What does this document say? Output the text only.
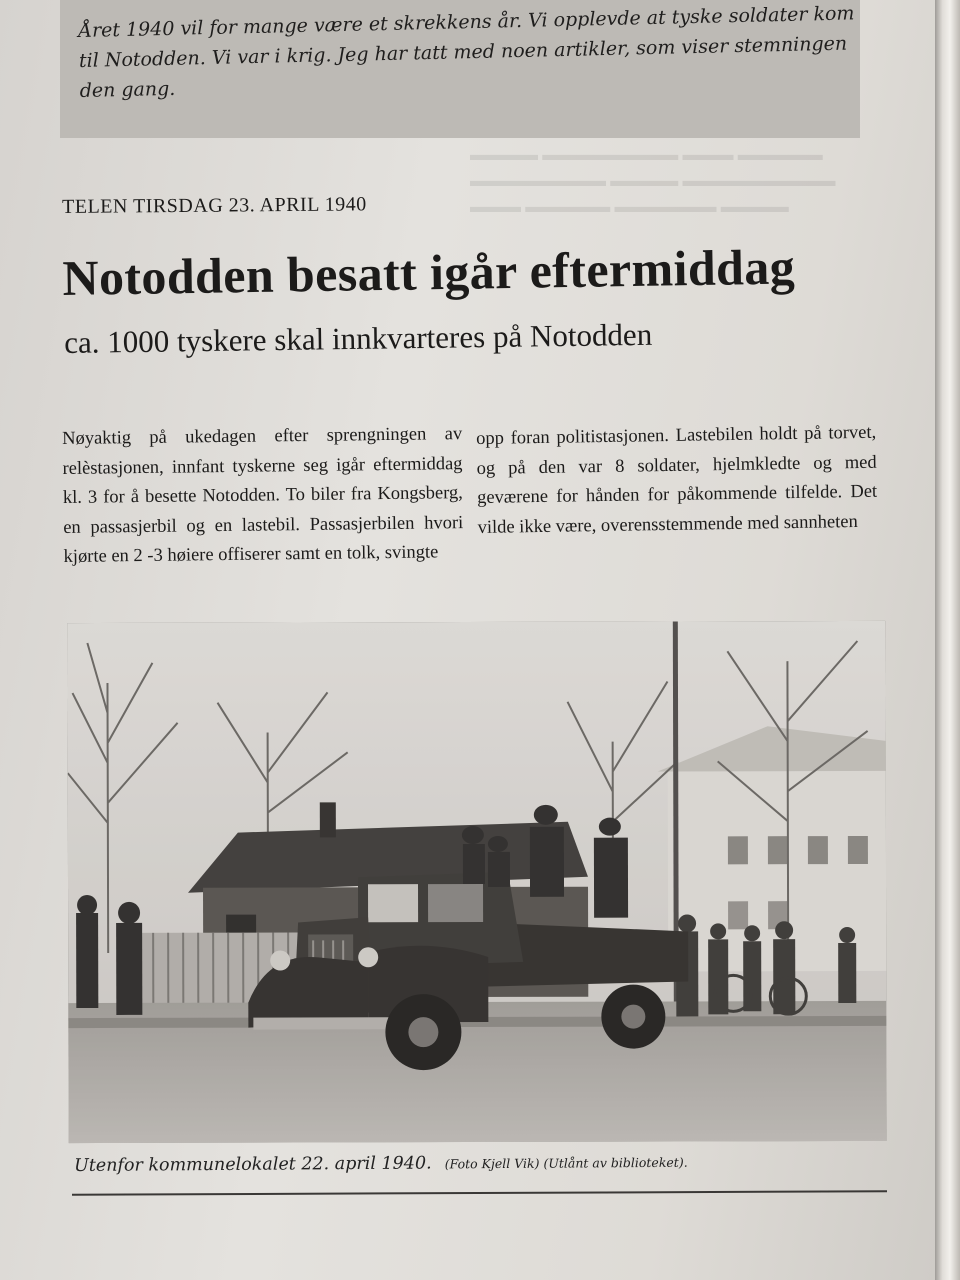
▬▬▬▬ ▬▬▬▬▬▬▬▬ ▬▬▬ ▬▬▬▬▬
▬▬▬▬▬▬▬▬ ▬▬▬▬ ▬▬▬▬▬▬▬▬▬
▬▬▬ ▬▬▬▬▬ ▬▬▬▬▬▬ ▬▬▬▬
Året 1940 vil for mange være et skrekkens år. Vi opplevde at tyske soldater kom til Notodden. Vi var i krig. Jeg har tatt med noen artikler, som viser stemningen den gang.
TELEN TIRSDAG 23. APRIL 1940
Notodden besatt igår eftermiddag
ca. 1000 tyskere skal innkvarteres på Notodden

Nøyaktig på ukedagen efter sprengningen av relèstasjonen, innfant tyskerne seg igår eftermiddag kl. 3 for å besette Notodden. To biler fra Kongsberg, en passasjerbil og en lastebil. Passasjerbilen hvori kjørte en 2 -3 høiere offiserer samt en tolk, svingte

opp foran politistasjonen. Lastebilen holdt på torvet, og på den var 8 soldater, hjelmkledte og med geværene for hånden for påkommende tilfelde. Det vilde ikke være, overensstemmende med sannheten

Utenfor kommunelokalet 22. april 1940. (Foto Kjell Vik) (Utlånt av biblioteket).
